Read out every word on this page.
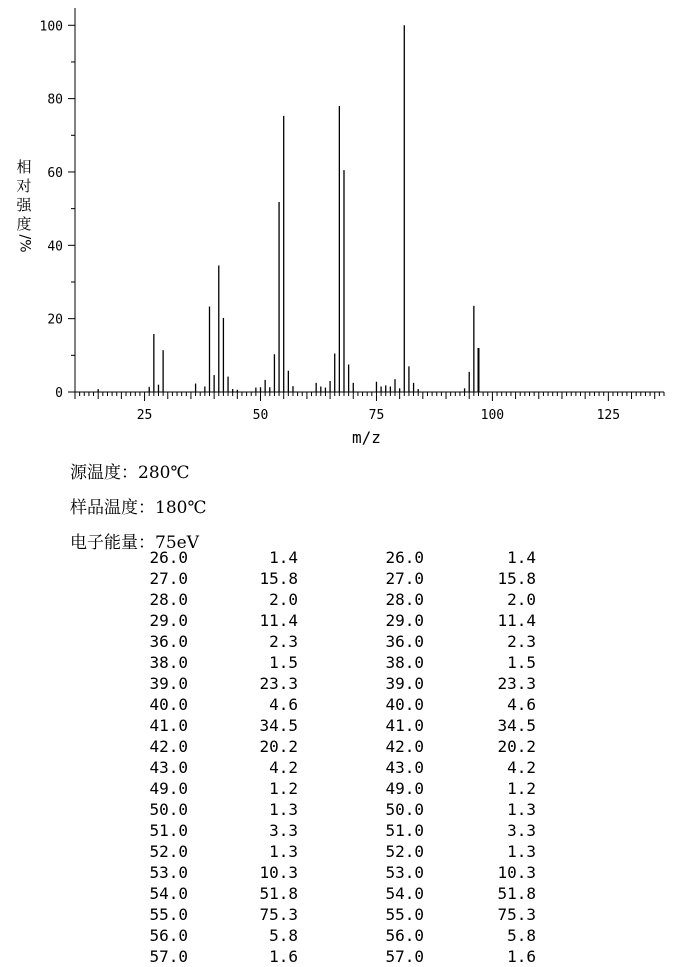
0
20
40
60
80
100
25	50	75	100	125
相
对
强
度
/%
m/z
源温度：280℃
样品温度：180℃
电子能量：75eV
26.0	1.4	26.0	1.4
27.0	15.8	27.0	15.8
28.0	2.0	28.0	2.0
29.0	11.4	29.0	11.4
36.0	2.3	36.0	2.3
38.0	1.5	38.0	1.5
39.0	23.3	39.0	23.3
40.0	4.6	40.0	4.6
41.0	34.5	41.0	34.5
42.0	20.2	42.0	20.2
43.0	4.2	43.0	4.2
49.0	1.2	49.0	1.2
50.0	1.3	50.0	1.3
51.0	3.3	51.0	3.3
52.0	1.3	52.0	1.3
53.0	10.3	53.0	10.3
54.0	51.8	54.0	51.8
55.0	75.3	55.0	75.3
56.0	5.8	56.0	5.8
57.0	1.6	57.0	1.6
